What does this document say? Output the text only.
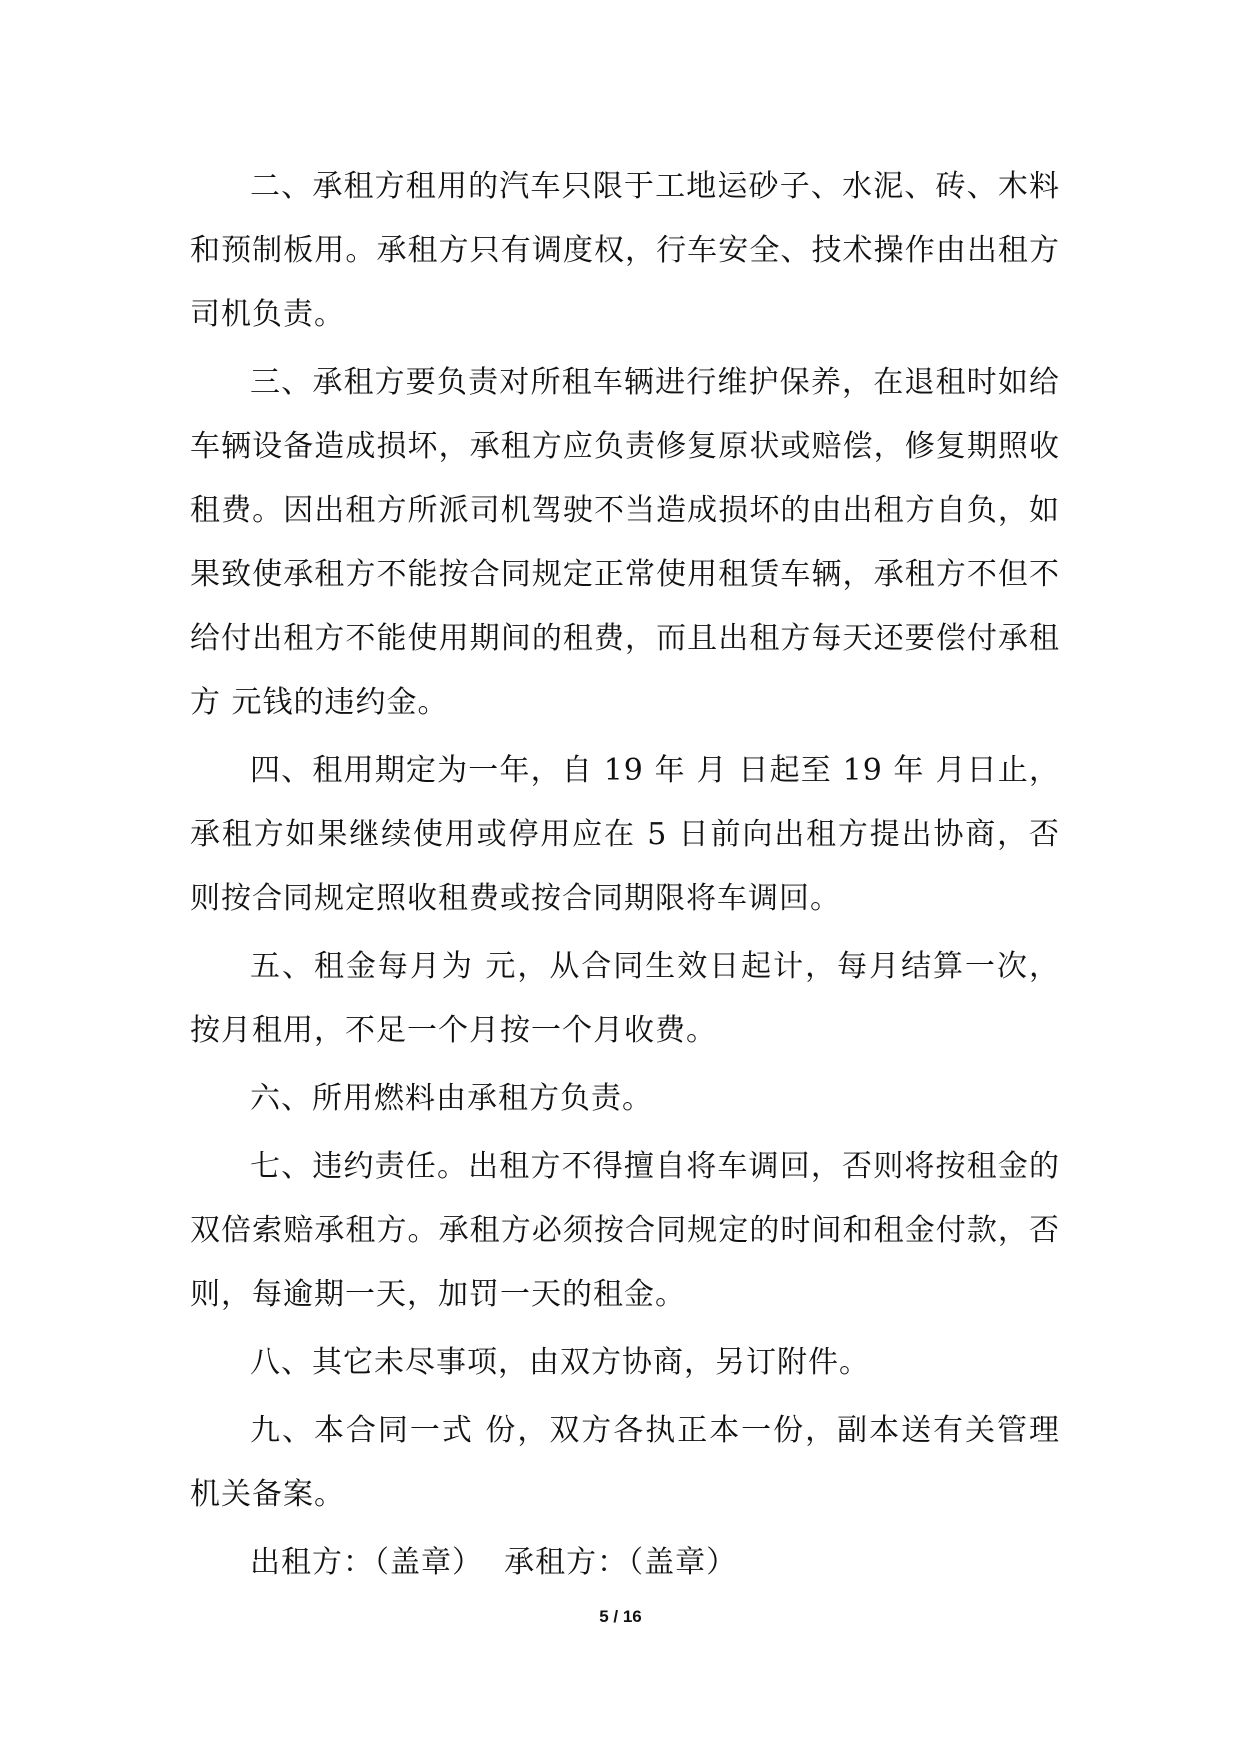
二、承租方租用的汽车只限于工地运砂子、水泥、砖、木料和预制板用。承租方只有调度权，行车安全、技术操作由出租方司机负责。

三、承租方要负责对所租车辆进行维护保养，在退租时如给车辆设备造成损坏，承租方应负责修复原状或赔偿，修复期照收租费。因出租方所派司机驾驶不当造成损坏的由出租方自负，如果致使承租方不能按合同规定正常使用租赁车辆，承租方不但不给付出租方不能使用期间的租费，而且出租方每天还要偿付承租方 元钱的违约金。

四、租用期定为一年，自 19 年 月 日起至 19 年 月日止，承租方如果继续使用或停用应在 5 日前向出租方提出协商，否则按合同规定照收租费或按合同期限将车调回。

五、租金每月为 元，从合同生效日起计，每月结算一次，按月租用，不足一个月按一个月收费。

六、所用燃料由承租方负责。

七、违约责任。出租方不得擅自将车调回，否则将按租金的双倍索赔承租方。承租方必须按合同规定的时间和租金付款，否则，每逾期一天，加罚一天的租金。

八、其它未尽事项，由双方协商，另订附件。

九、本合同一式 份，双方各执正本一份，副本送有关管理机关备案。

出租方：（盖章）  承租方：（盖章）

5 / 16
